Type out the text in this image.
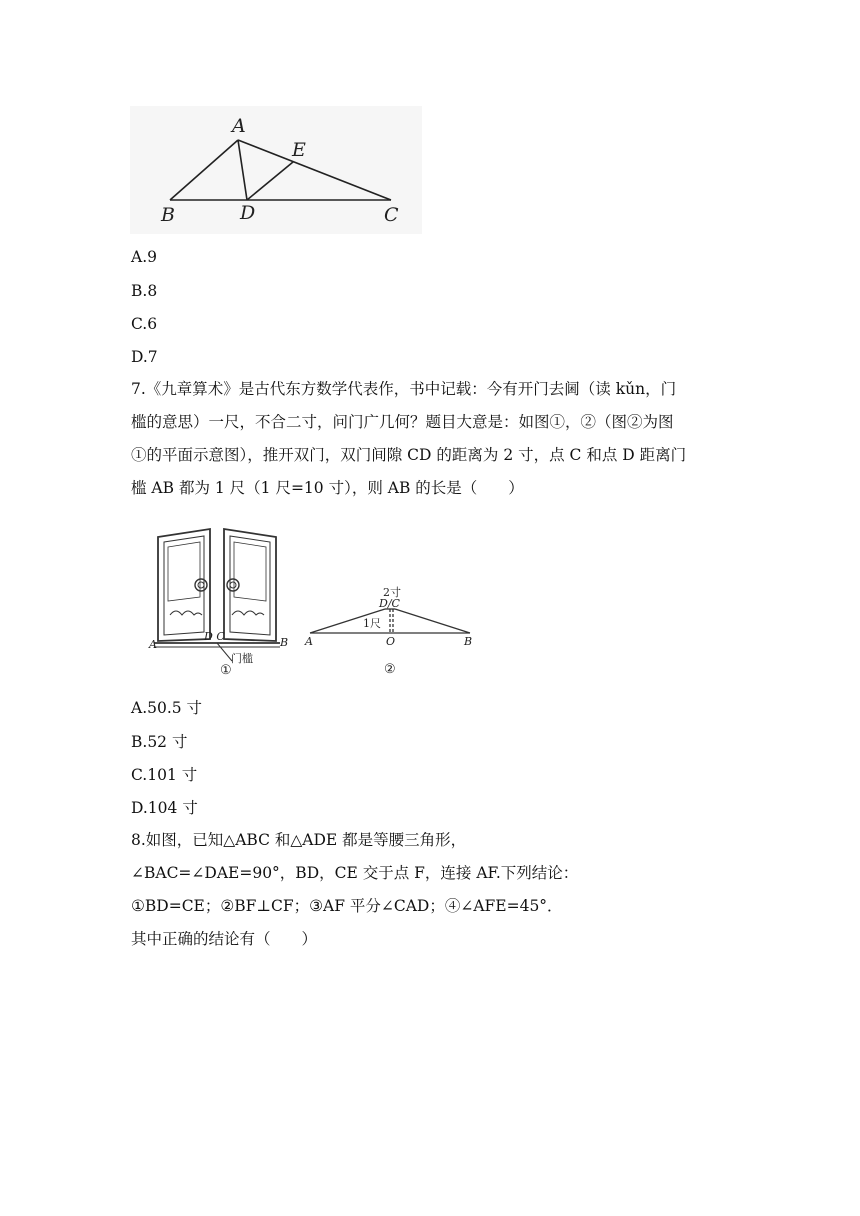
A
E
B	D	C
A.9
B.8
C.6
D.7
7.《九章算术》是古代东方数学代表作，书中记载：今有开门去阃（读 kǔn，门
槛的意思）一尺，不合二寸，问门广几何？题目大意是：如图①，②（图②为图
①的平面示意图），推开双门，双门间隙 CD 的距离为 2 寸，点 C 和点 D 距离门
槛 AB 都为 1 尺（1 尺=10 寸），则 AB 的长是（　　）
A	B
D C
门槛
①
2寸
D/C
1尺
A	O	B
②
A.50.5 寸
B.52 寸
C.101 寸
D.104 寸
8.如图，已知△ABC 和△ADE 都是等腰三角形，
∠BAC=∠DAE=90°，BD，CE 交于点 F，连接 AF.下列结论：
①BD=CE；②BF⊥CF；③AF 平分∠CAD；④∠AFE=45°．
其中正确的结论有（　　）
